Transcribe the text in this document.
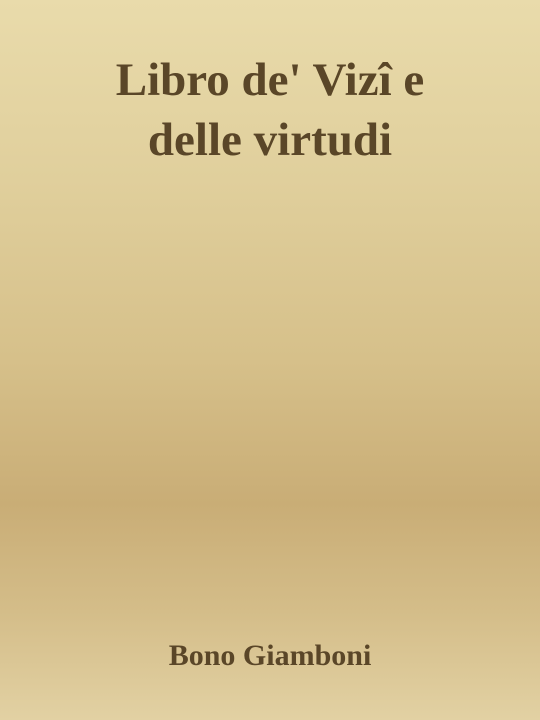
Libro de' Vizî e
delle virtudi
Bono Giamboni
